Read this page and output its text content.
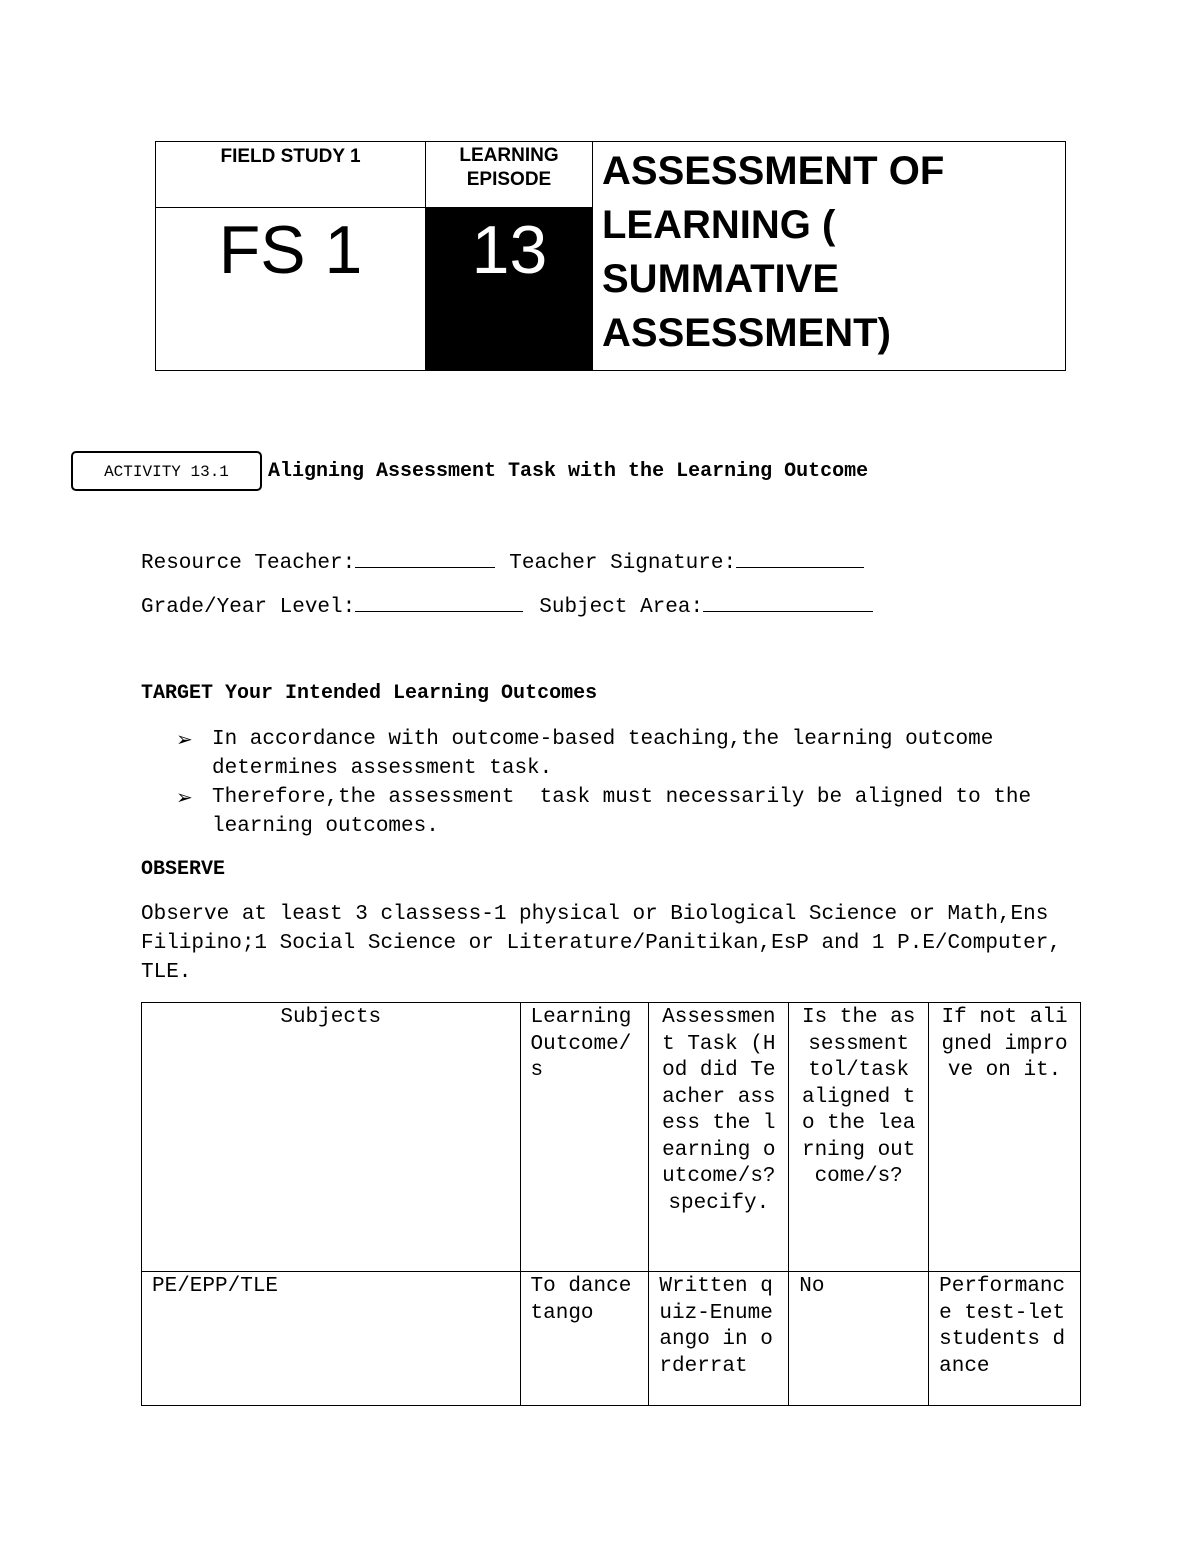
FIELD STUDY 1	LEARNING EPISODE
FS 1	13
ASSESSMENT OF LEARNING ( SUMMATIVE ASSESSMENT)
ACTIVITY 13.1	Aligning Assessment Task with the Learning Outcome
Resource Teacher:	Teacher Signature:
Grade/Year Level:	Subject Area:
TARGET Your Intended Learning Outcomes
➢ In accordance with outcome-based teaching,the learning outcome determines assessment task.
➢ Therefore,the assessment  task must necessarily be aligned to the learning outcomes.
OBSERVE
Observe at least 3 classess-1 physical or Biological Science or Math,Ens Filipino;1 Social Science or Literature/Panitikan,EsP and 1 P.E/Computer, TLE.
Subjects	Learning Outcome/s	Assessment Task (Hod did Teacher assess the learning outcome/s? specify.	Is the assessment tol/task aligned to the learning outcome/s?	If not aligned improve on it.
PE/EPP/TLE	To dance tango	Written quiz-Enumeango in orderrat	No	Performance test-let students dance
